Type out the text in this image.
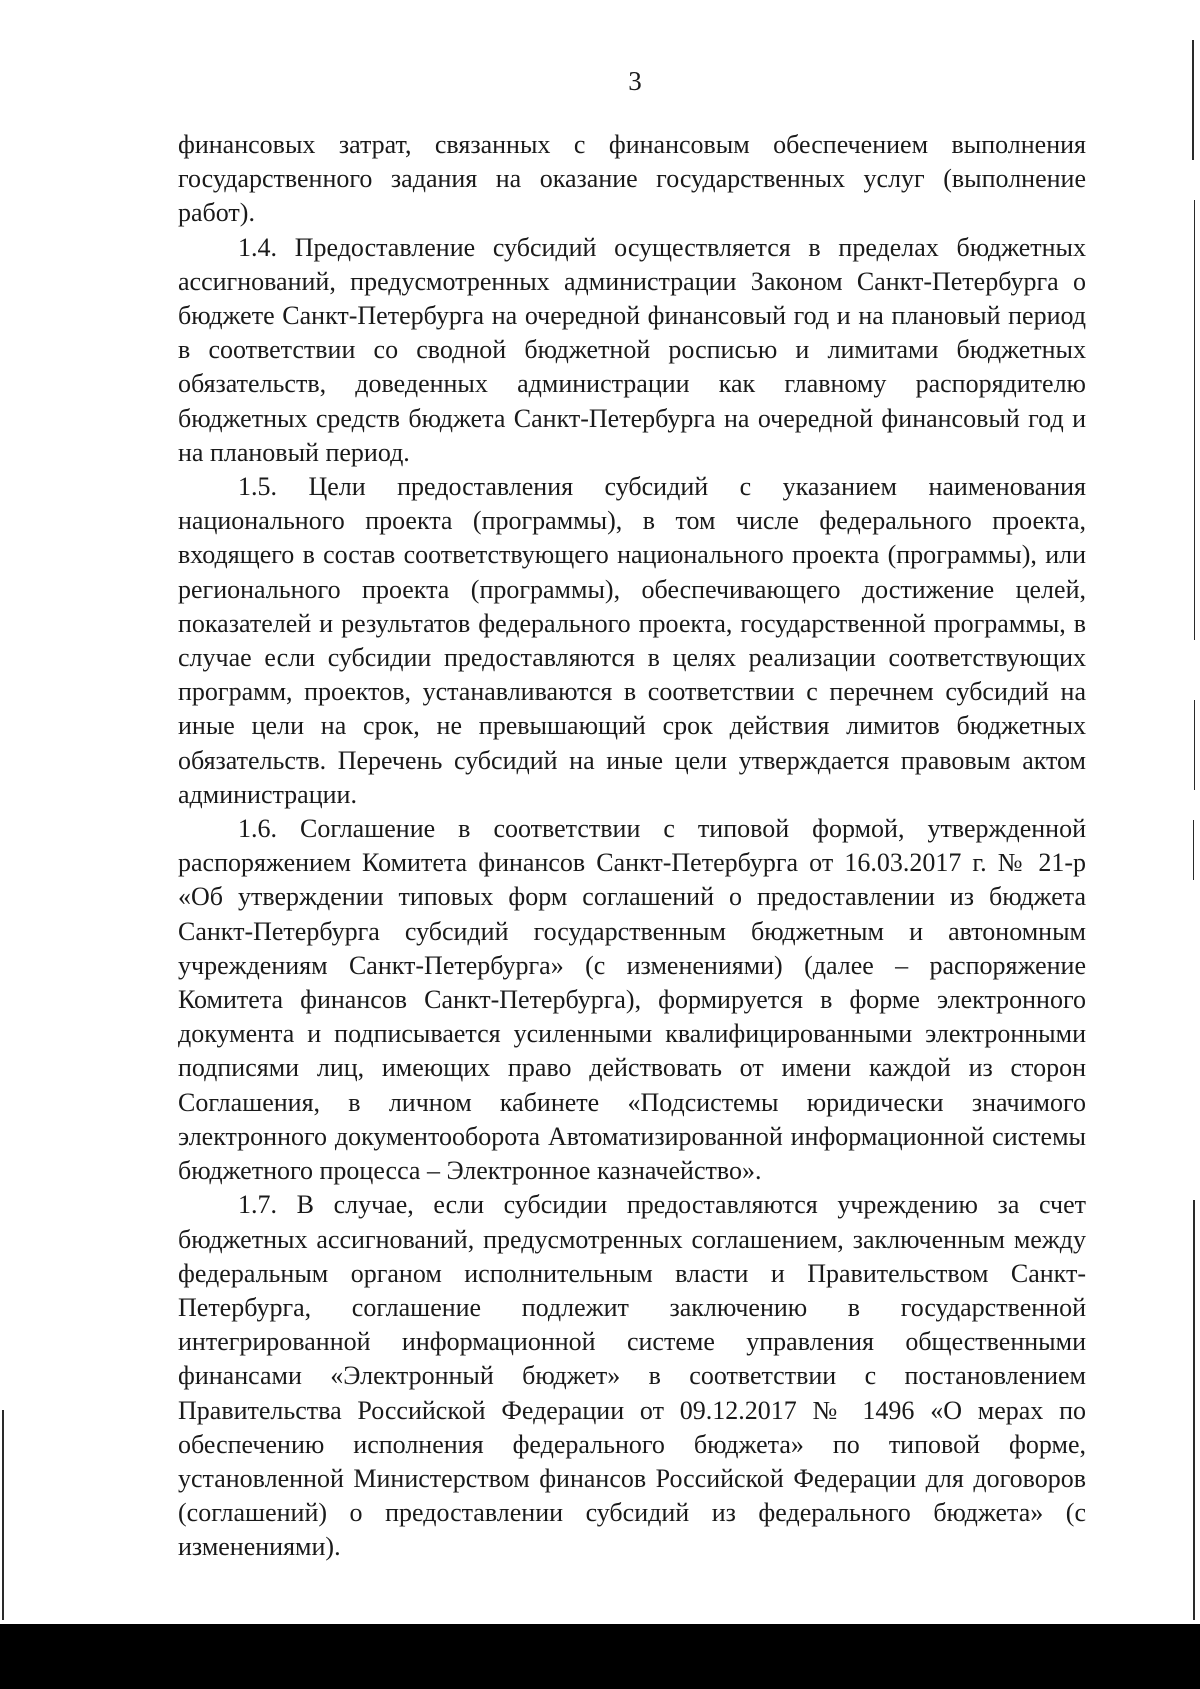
3

финансовых затрат, связанных с финансовым обеспечением выполнения государственного задания на оказание государственных услуг (выполнение работ).

1.4. Предоставление субсидий осуществляется в пределах бюджетных ассигнований, предусмотренных администрации Законом Санкт-Петербурга о бюджете Санкт-Петербурга на очередной финансовый год и на плановый период в соответствии со сводной бюджетной росписью и лимитами бюджетных обязательств, доведенных администрации как главному распорядителю бюджетных средств бюджета Санкт-Петербурга на очередной финансовый год и на плановый период.

1.5. Цели предоставления субсидий с указанием наименования национального проекта (программы), в том числе федерального проекта, входящего в состав соответствующего национального проекта (программы), или регионального проекта (программы), обеспечивающего достижение целей, показателей и результатов федерального проекта, государственной программы, в случае если субсидии предоставляются в целях реализации соответствующих программ, проектов, устанавливаются в соответствии с перечнем субсидий на иные цели на срок, не превышающий срок действия лимитов бюджетных обязательств. Перечень субсидий на иные цели утверждается правовым актом администрации.

1.6. Соглашение в соответствии с типовой формой, утвержденной распоряжением Комитета финансов Санкт-Петербурга от 16.03.2017 г. № 21-р «Об утверждении типовых форм соглашений о предоставлении из бюджета Санкт-Петербурга субсидий государственным бюджетным и автономным учреждениям Санкт-Петербурга» (с изменениями) (далее – распоряжение Комитета финансов Санкт-Петербурга), формируется в форме электронного документа и подписывается усиленными квалифицированными электронными подписями лиц, имеющих право действовать от имени каждой из сторон Соглашения, в личном кабинете «Подсистемы юридически значимого электронного документооборота Автоматизированной информационной системы бюджетного процесса – Электронное казначейство».

1.7. В случае, если субсидии предоставляются учреждению за счет бюджетных ассигнований, предусмотренных соглашением, заключенным между федеральным органом исполнительным власти и Правительством Санкт-Петербурга, соглашение подлежит заключению в государственной интегрированной информационной системе управления общественными финансами «Электронный бюджет» в соответствии с постановлением Правительства Российской Федерации от 09.12.2017 № 1496 «О мерах по обеспечению исполнения федерального бюджета» по типовой форме, установленной Министерством финансов Российской Федерации для договоров (соглашений) о предоставлении субсидий из федерального бюджета» (с изменениями).
